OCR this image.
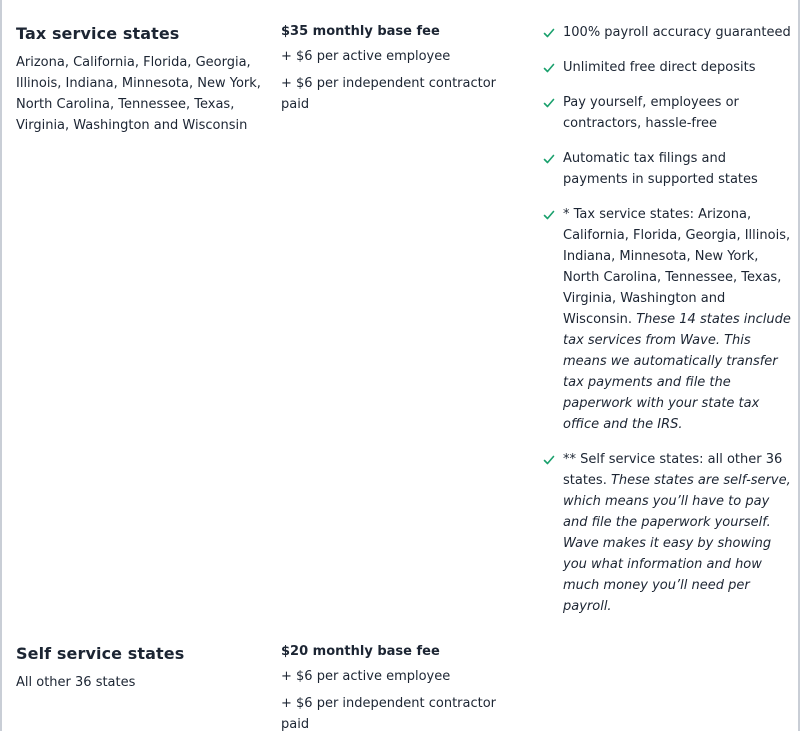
Tax service states

Arizona, California, Florida, Georgia, Illinois, Indiana, Minnesota, New York, North Carolina, Tennessee, Texas, Virginia, Washington and Wisconsin

$35 monthly base fee

+ $6 per active employee

+ $6 per independent contractor paid

100% payroll accuracy guaranteed
Unlimited free direct deposits
Pay yourself, employees or contractors, hassle-free
Automatic tax filings and payments in supported states
* Tax service states: Arizona, California, Florida, Georgia, Illinois, Indiana, Minnesota, New York, North Carolina, Tennessee, Texas, Virginia, Washington and Wisconsin. These 14 states include tax services from Wave. This means we automatically transfer tax payments and file the paperwork with your state tax office and the IRS.
** Self service states: all other 36 states. These states are self-serve, which means you’ll have to pay and file the paperwork yourself. Wave makes it easy by showing you what information and how much money you’ll need per payroll.
Self service states

All other 36 states

$20 monthly base fee

+ $6 per active employee

+ $6 per independent contractor paid
